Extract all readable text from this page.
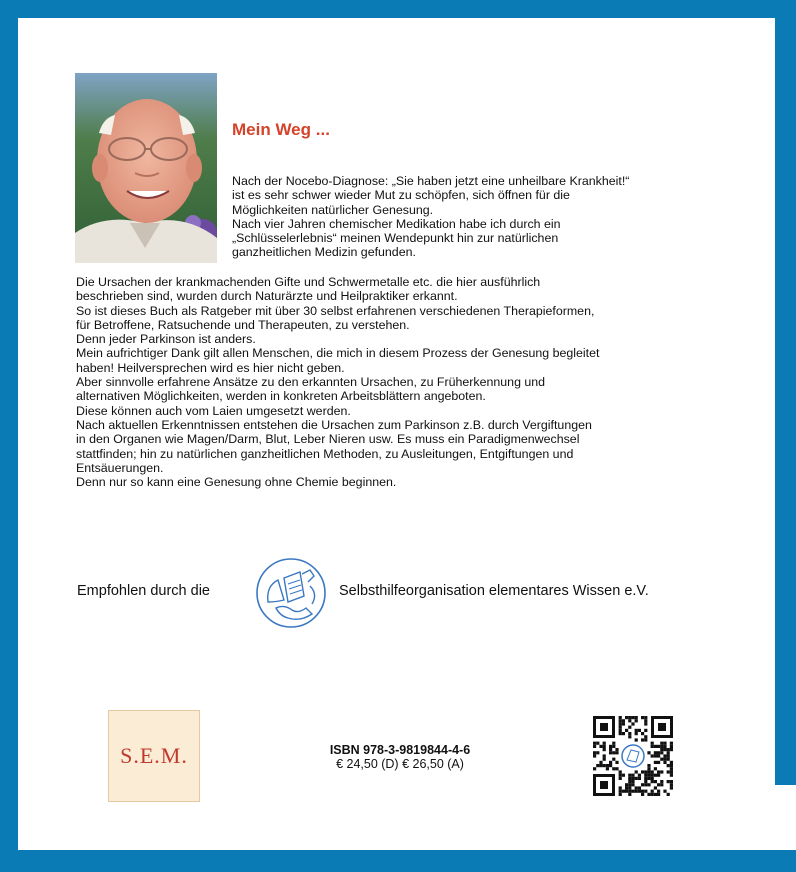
Mein Weg ...
Nach der Nocebo-Diagnose: „Sie haben jetzt eine unheilbare Krankheit!“
ist es sehr schwer wieder Mut zu schöpfen, sich öffnen für die
Möglichkeiten natürlicher Genesung.
Nach vier Jahren chemischer Medikation habe ich durch ein
„Schlüsselerlebnis“ meinen Wendepunkt hin zur natürlichen
ganzheitlichen Medizin gefunden.
Die Ursachen der krankmachenden Gifte und Schwermetalle etc. die hier ausführlich
beschrieben sind, wurden durch Naturärzte und Heilpraktiker erkannt.
So ist dieses Buch als Ratgeber mit über 30 selbst erfahrenen verschiedenen Therapieformen,
für Betroffene, Ratsuchende und Therapeuten, zu verstehen.
Denn jeder Parkinson ist anders.
Mein aufrichtiger Dank gilt allen Menschen, die mich in diesem Prozess der Genesung begleitet
haben! Heilversprechen wird es hier nicht geben.
Aber sinnvolle erfahrene Ansätze zu den erkannten Ursachen, zu Früherkennung und
alternativen Möglichkeiten, werden in konkreten Arbeitsblättern angeboten.
Diese können auch vom Laien umgesetzt werden.
Nach aktuellen Erkenntnissen entstehen die Ursachen zum Parkinson z.B. durch Vergiftungen
in den Organen wie Magen/Darm, Blut, Leber Nieren usw. Es muss ein Paradigmenwechsel
stattfinden; hin zu natürlichen ganzheitlichen Methoden, zu Ausleitungen, Entgiftungen und
Entsäuerungen.
Denn nur so kann eine Genesung ohne Chemie beginnen.
Empfohlen durch die	Selbsthilfeorganisation elementares Wissen e.V.
S.E.M.	ISBN 978-3-9819844-4-6
€ 24,50 (D) € 26,50 (A)
